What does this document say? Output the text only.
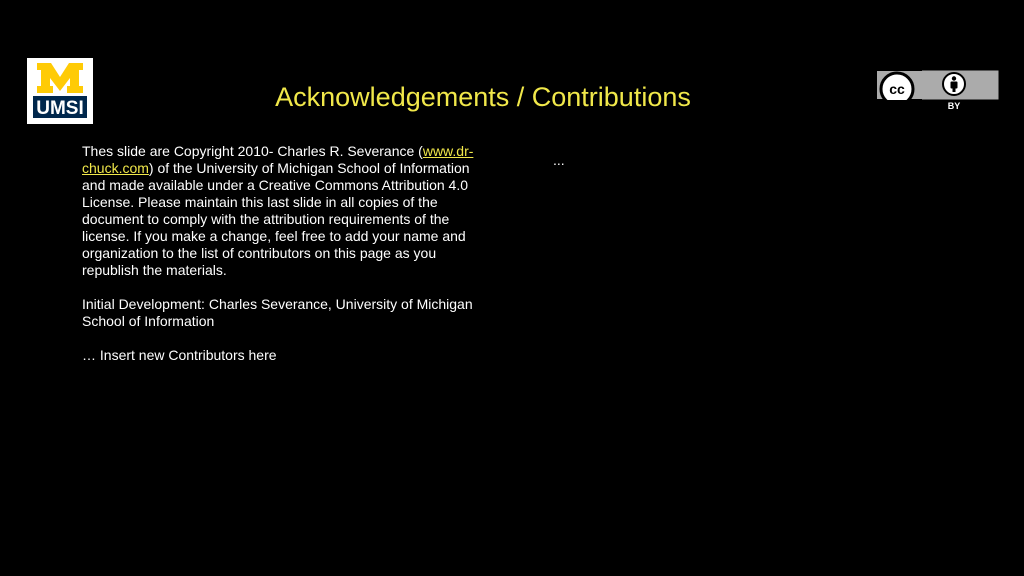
UMSI	Acknowledgements / Contributions	cc
BY

Thes slide are Copyright 2010- Charles R. Severance (www.dr-chuck.com) of the University of Michigan School of Information and made available under a Creative Commons Attribution 4.0 License. Please maintain this last slide in all copies of the document to comply with the attribution requirements of the license. If you make a change, feel free to add your name and organization to the list of contributors on this page as you republish the materials.

Initial Development: Charles Severance, University of Michigan School of Information

… Insert new Contributors here

...
